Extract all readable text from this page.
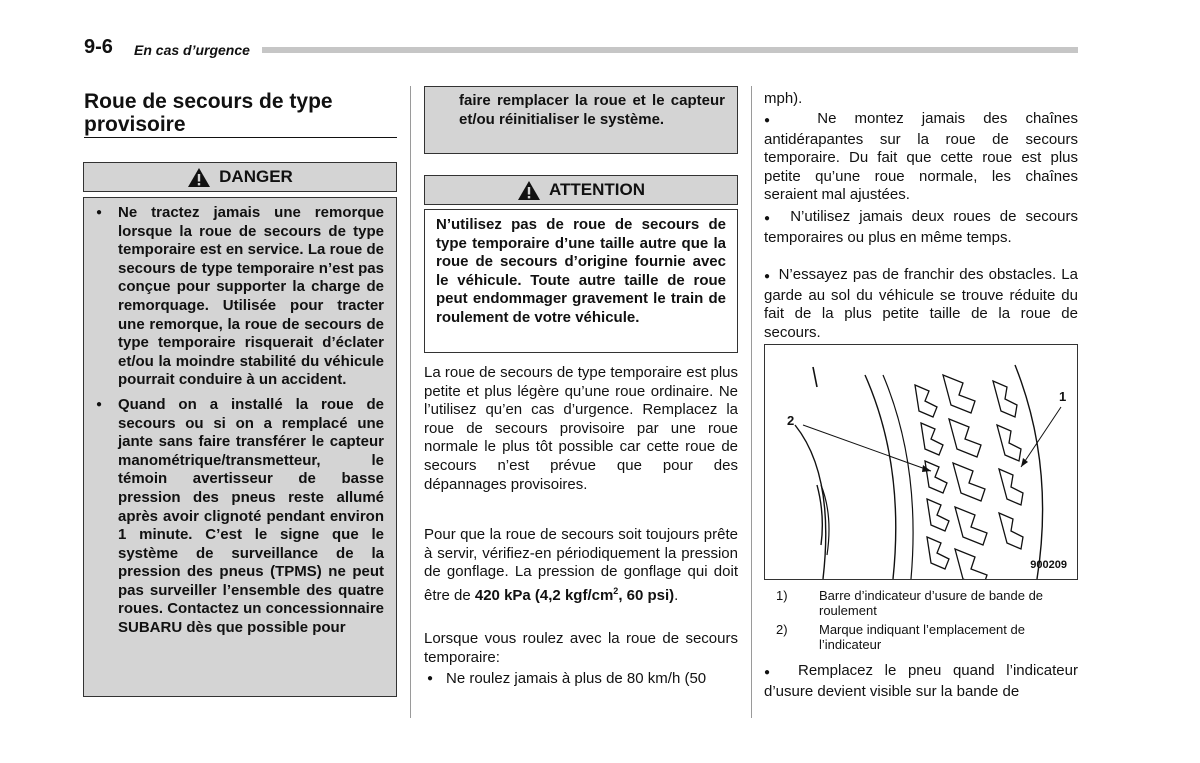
9-6 En cas d’urgence
Roue de secours de type provisoire
DANGER
● Ne tractez jamais une remorque lorsque la roue de secours de type temporaire est en service. La roue de secours de type temporaire n’est pas conçue pour supporter la charge de remorquage. Utilisée pour tracter une remorque, la roue de secours de type temporaire risquerait d’éclater et/ou la moindre stabilité du véhicule pourrait conduire à un accident.
● Quand on a installé la roue de secours ou si on a remplacé une jante sans faire transférer le capteur manométrique/transmetteur, le témoin avertisseur de basse pression des pneus reste allumé après avoir clignoté pendant environ 1 minute. C’est le signe que le système de surveillance de la pression des pneus (TPMS) ne peut pas surveiller l’ensemble des quatre roues. Contactez un concessionnaire SUBARU dès que possible pour
faire remplacer la roue et le capteur et/ou réinitialiser le système.
ATTENTION
N’utilisez pas de roue de secours de type temporaire d’une taille autre que la roue de secours d’origine fournie avec le véhicule. Toute autre taille de roue peut endommager gravement le train de roulement de votre véhicule.
La roue de secours de type temporaire est plus petite et plus légère qu’une roue ordinaire. Ne l’utilisez qu’en cas d’urgence. Remplacez la roue de secours provisoire par une roue normale le plus tôt possible car cette roue de secours n’est prévue que pour des dépannages provisoires.
Pour que la roue de secours soit toujours prête à servir, vérifiez-en périodiquement la pression de gonflage. La pression de gonflage qui doit être de 420 kPa (4,2 kgf/$cm^2$, 60 psi).
Lorsque vous roulez avec la roue de secours temporaire:
● Ne roulez jamais à plus de 80 km/h (50
mph).
●  Ne montez jamais des chaînes antidérapantes sur la roue de secours temporaire. Du fait que cette roue est plus petite qu’une roue normale, les chaînes seraient mal ajustées.
●  N’utilisez jamais deux roues de secours temporaires ou plus en même temps.
●  N’essayez pas de franchir des obstacles. La garde au sol du véhicule se trouve réduite du fait de la plus petite taille de la roue de secours.
1
2
900209
1) Barre d’indicateur d’usure de bande de roulement
2) Marque indiquant l’emplacement de l’indicateur
●  Remplacez le pneu quand l’indicateur d’usure devient visible sur la bande de
